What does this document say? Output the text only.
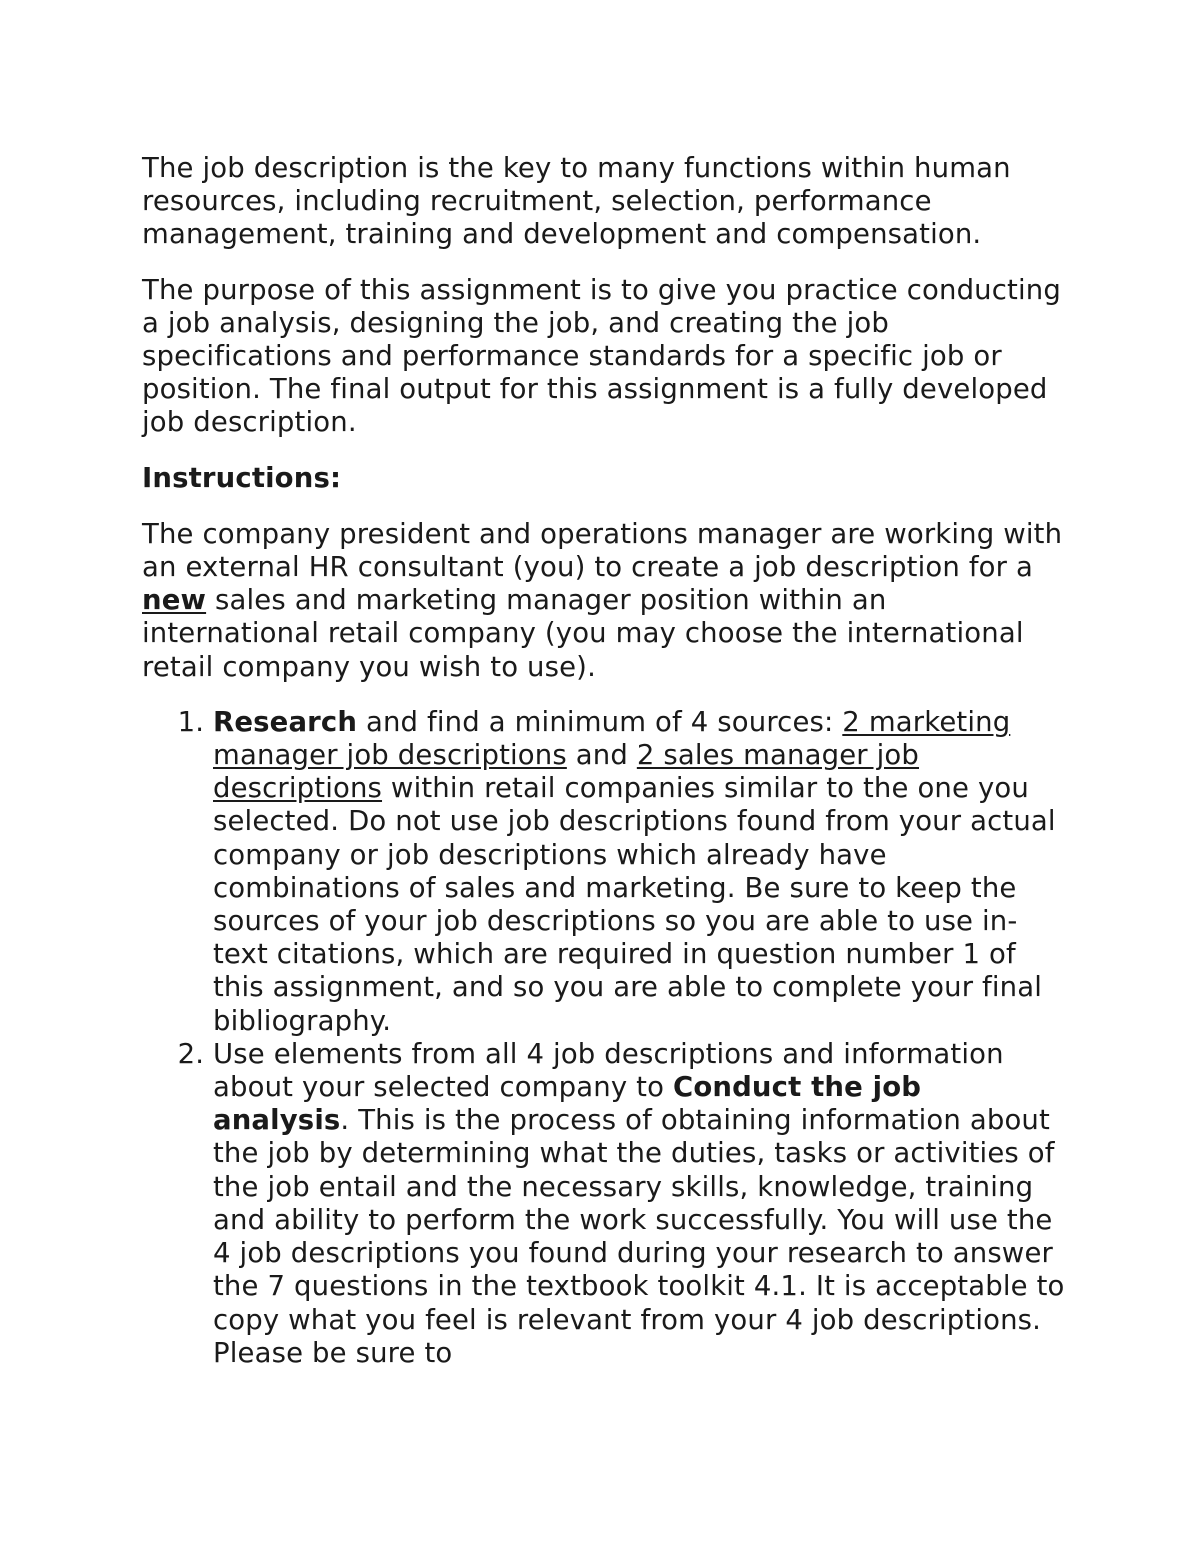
The job description is the key to many functions within human resources, including recruitment, selection, performance management, training and development and compensation.

The purpose of this assignment is to give you practice conducting a job analysis, designing the job, and creating the job specifications and performance standards for a specific job or position. The final output for this assignment is a fully developed job description.

Instructions:

The company president and operations manager are working with an external HR consultant (you) to create a job description for a new sales and marketing manager position within an international retail company (you may choose the international retail company you wish to use).

1. Research and find a minimum of 4 sources: 2 marketing manager job descriptions and 2 sales manager job descriptions within retail companies similar to the one you selected. Do not use job descriptions found from your actual company or job descriptions which already have combinations of sales and marketing. Be sure to keep the sources of your job descriptions so you are able to use in-text citations, which are required in question number 1 of this assignment, and so you are able to complete your final bibliography.
2. Use elements from all 4 job descriptions and information about your selected company to Conduct the job analysis. This is the process of obtaining information about the job by determining what the duties, tasks or activities of the job entail and the necessary skills, knowledge, training and ability to perform the work successfully. You will use the 4 job descriptions you found during your research to answer the 7 questions in the textbook toolkit 4.1. It is acceptable to copy what you feel is relevant from your 4 job descriptions. Please be sure to
